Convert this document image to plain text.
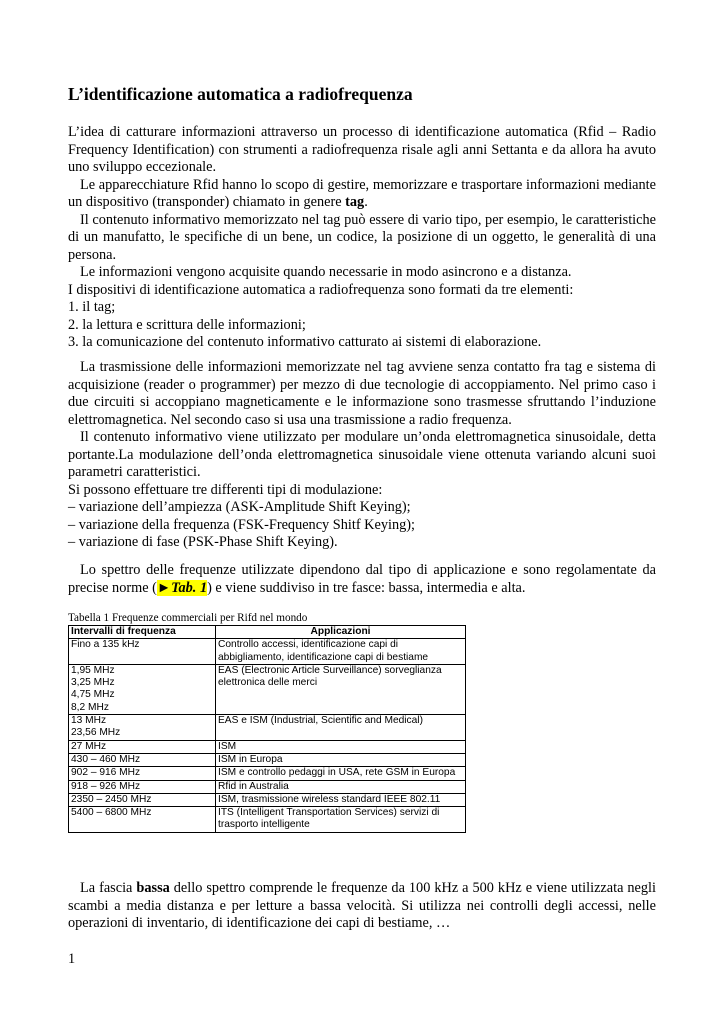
L’identificazione automatica a radiofrequenza

L’idea di catturare informazioni attraverso un processo di identificazione automatica (Rfid – Radio Frequency Identification) con strumenti a radiofrequenza risale agli anni Settanta e da allora ha avuto uno sviluppo eccezionale.

Le apparecchiature Rfid hanno lo scopo di gestire, memorizzare e trasportare informazioni mediante un dispositivo (transponder) chiamato in genere tag.

Il contenuto informativo memorizzato nel tag può essere di vario tipo, per esempio, le caratteristiche di un manufatto, le specifiche di un bene, un codice, la posizione di un oggetto, le generalità di una persona.

Le informazioni vengono acquisite quando necessarie in modo asincrono e a distanza.

I dispositivi di identificazione automatica a radiofrequenza sono formati da tre elementi:

1. il tag;

2. la lettura e scrittura delle informazioni;

3. la comunicazione del contenuto informativo catturato ai sistemi di elaborazione.

La trasmissione delle informazioni memorizzate nel tag avviene senza contatto fra tag e sistema di acquisizione (reader o programmer) per mezzo di due tecnologie di accoppiamento. Nel primo caso i due circuiti si accoppiano magneticamente e le informazione sono trasmesse sfruttando l’induzione elettromagnetica. Nel secondo caso si usa una trasmissione a radio frequenza.

Il contenuto informativo viene utilizzato per modulare un’onda elettromagnetica sinusoidale, detta portante.La modulazione dell’onda elettromagnetica sinusoidale viene ottenuta variando alcuni suoi parametri caratteristici.

Si possono effettuare tre differenti tipi di modulazione:

– variazione dell’ampiezza (ASK-Amplitude Shift Keying);

– variazione della frequenza (FSK-Frequency Shitf Keying);

– variazione di fase (PSK-Phase Shift Keying).

Lo spettro delle frequenze utilizzate dipendono dal tipo di applicazione e sono regolamentate da precise norme (►Tab. 1) e viene suddiviso in tre fasce: bassa, intermedia e alta.

Tabella 1 Frequenze commerciali per Rifd nel mondo
Intervalli di frequenza	Applicazioni
Fino a 135 kHz	Controllo accessi, identificazione capi di abbigliamento, identificazione capi di bestiame
1,95 MHz
3,25 MHz
4,75 MHz
8,2 MHz	EAS (Electronic Article Surveillance) sorveglianza elettronica delle merci
13 MHz
23,56 MHz	EAS e ISM (Industrial, Scientific and Medical)
27 MHz	ISM
430 – 460 MHz	ISM in Europa
902 – 916 MHz	ISM e controllo pedaggi in USA, rete GSM in Europa
918 – 926 MHz	Rfid in Australia
2350 – 2450 MHz	ISM, trasmissione wireless standard IEEE 802.11
5400 – 6800 MHz	ITS (Intelligent Transportation Services) servizi di trasporto intelligente

La fascia bassa dello spettro comprende le frequenze da 100 kHz a 500 kHz e viene utilizzata negli scambi a media distanza e per letture a bassa velocità. Si utilizza nei controlli degli accessi, nelle operazioni di inventario, di identificazione dei capi di bestiame, …

1
